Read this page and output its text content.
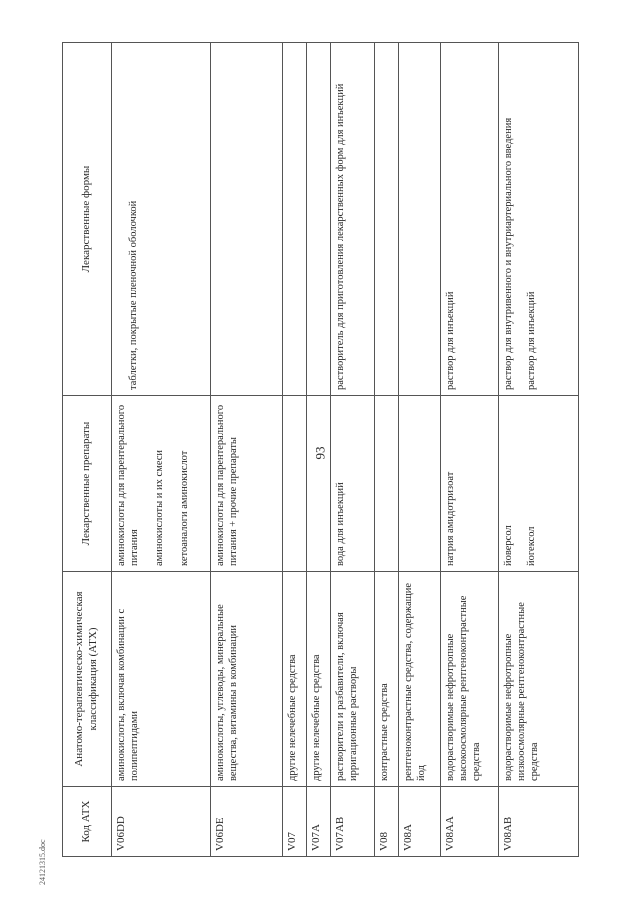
93
24121315.doc
Код АТХ	Анатомо-терапевтическо-химическая классификация (АТХ)	Лекарственные препараты	Лекарственные формы
V06DD	аминокислоты, включая комбинации с полипептидами	аминокислоты для парентерального питания аминокислоты и их смеси кетоаналоги аминокислот	таблетки, покрытые пленочной оболочкой

V06DE	аминокислоты, углеводы, минеральные вещества, витамины в комбинации	аминокислоты для парентерального питания + прочие препараты	

V07	другие нелечебные средства	

V07A	другие нелечебные средства	

V07AB	растворители и разбавители, включая ирригационные растворы	вода для инъекций	растворитель для приготовления лекарственных форм для инъекций

V08	контрастные средства	

V08A	рентгеноконтрастные средства, содержащие йод	

V08AA	водорастворимые нефротропные высокоосмолярные рентгеноконтрастные средства	натрия амидотризоат	раствор для инъекций

V08AB	водорастворимые нефротропные низкоосмолярные рентгеноконтрастные средства	йоверсол йогексол	раствор для внутривенного и внутриартериального введения раствор для инъекций
